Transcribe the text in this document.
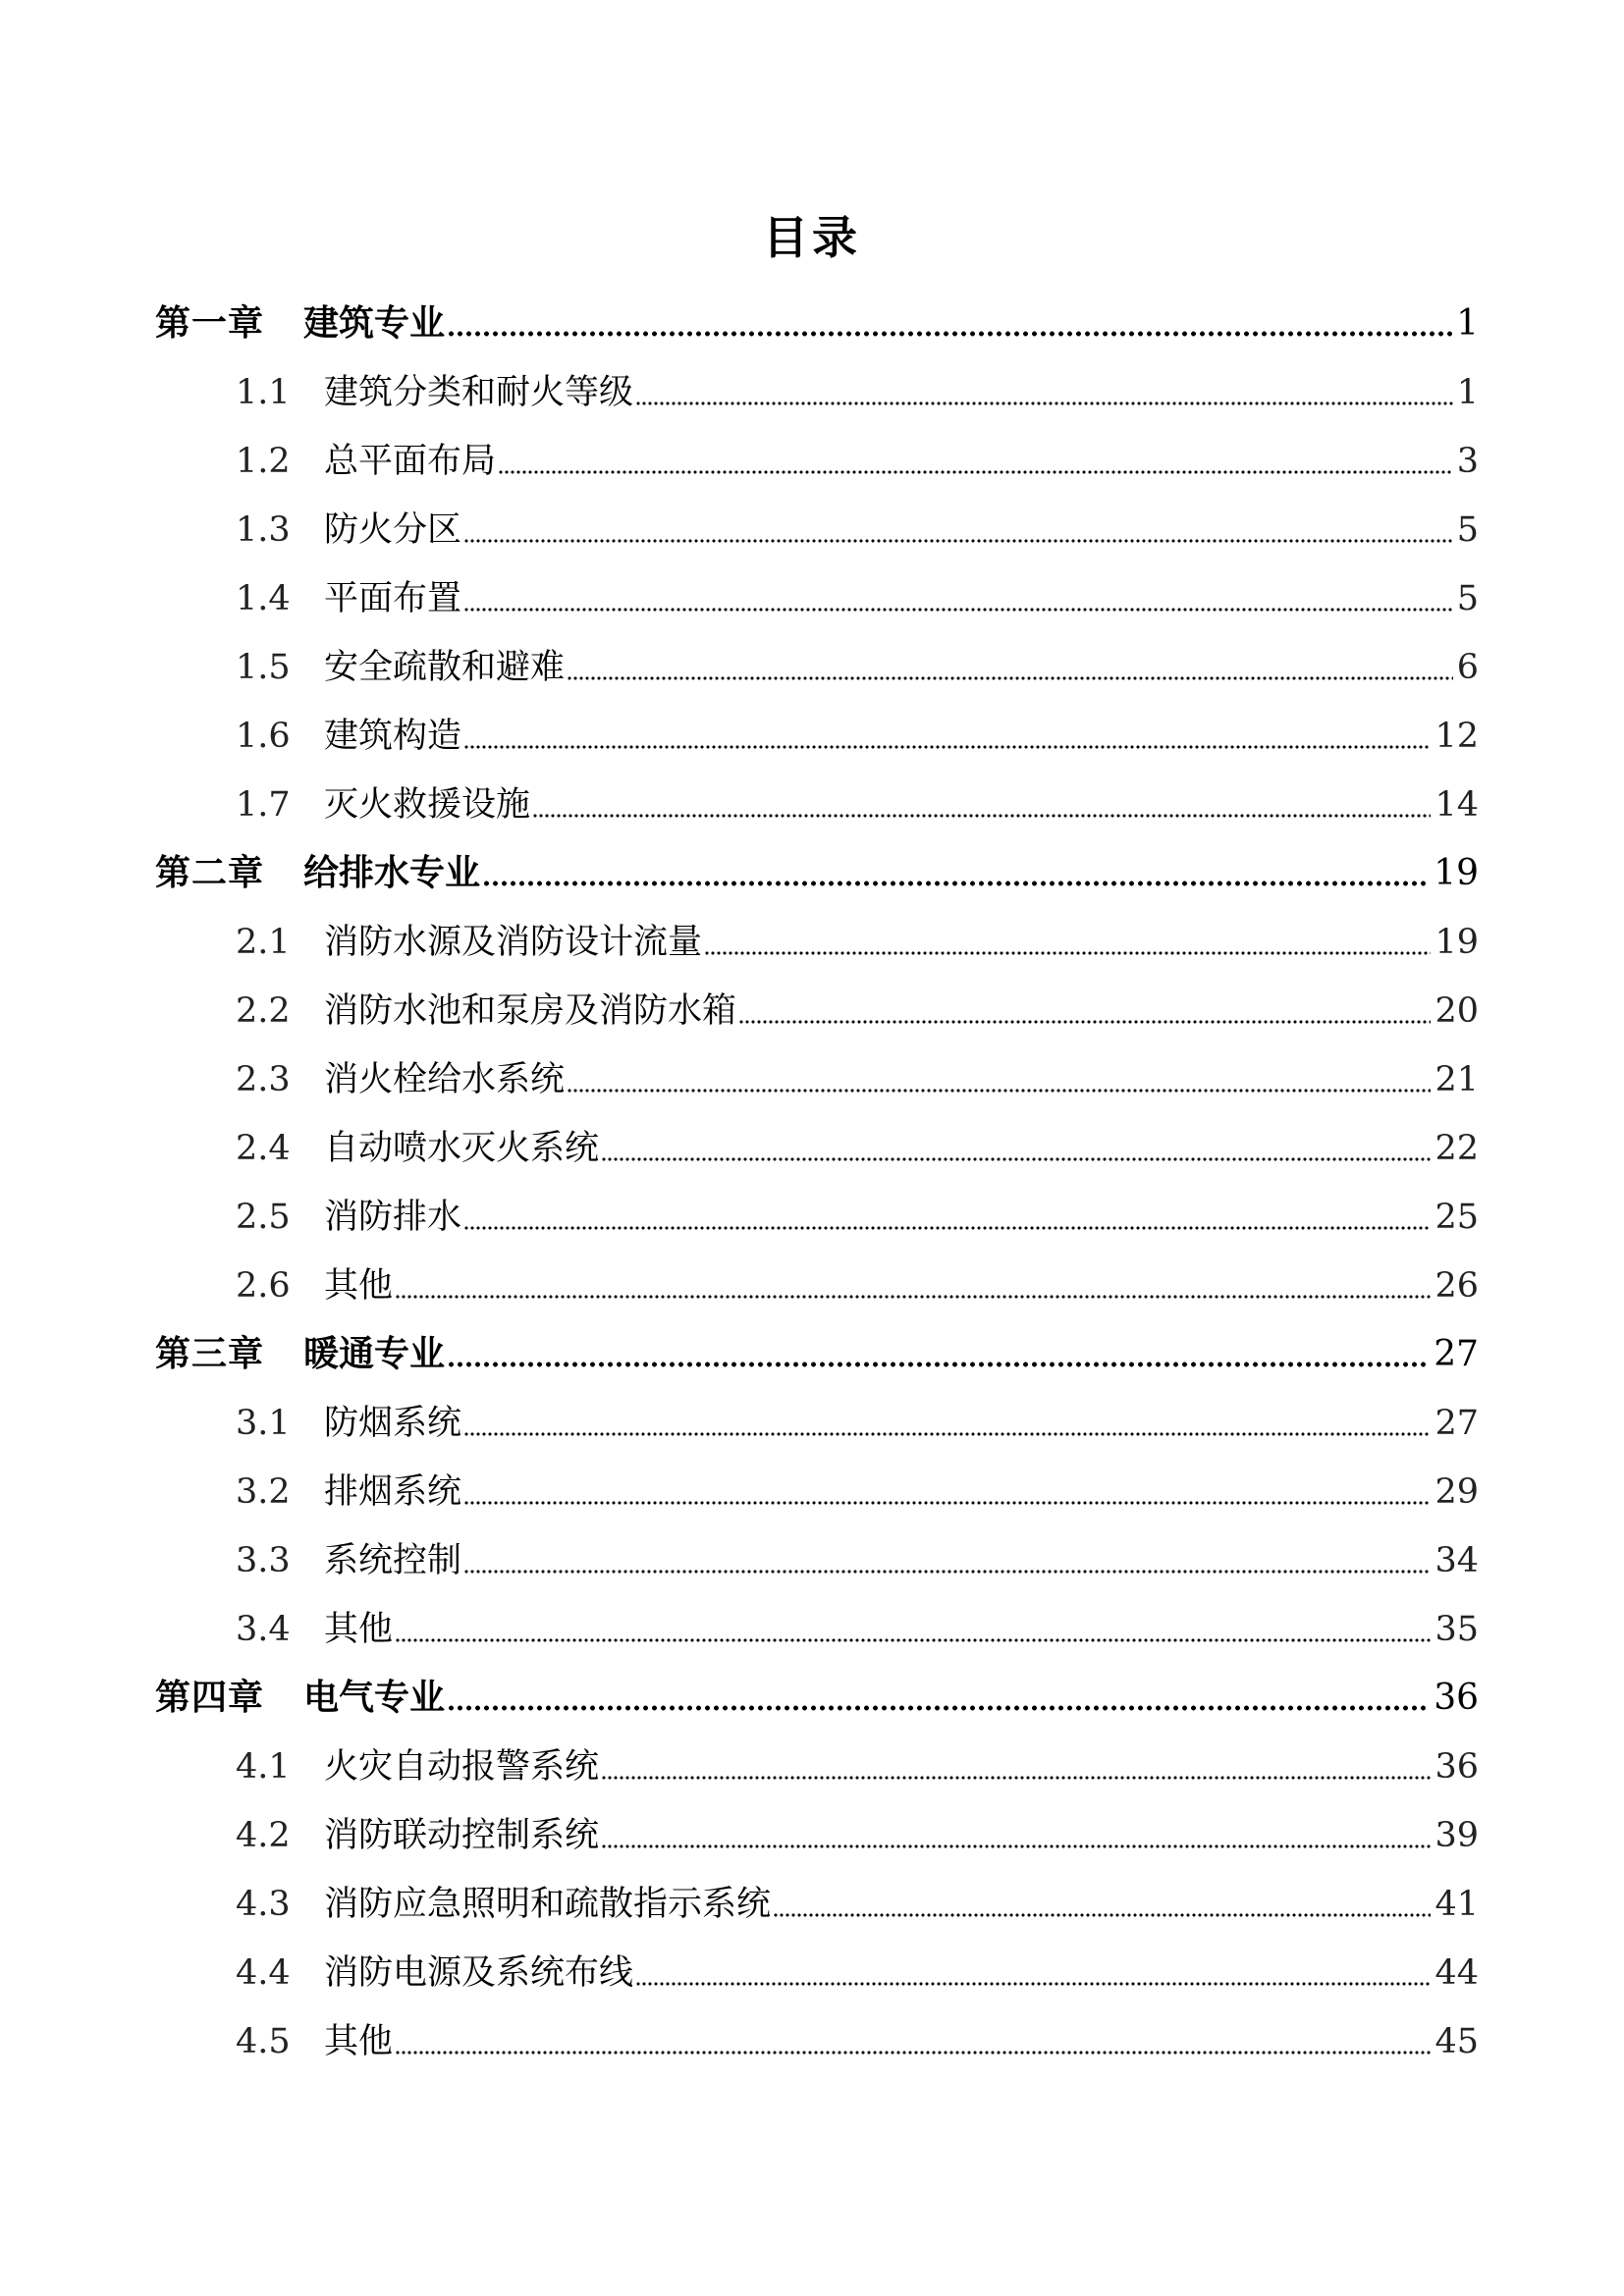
目录
第一章 建筑专业	1
1.1 建筑分类和耐火等级	1
1.2 总平面布局	3
1.3 防火分区	5
1.4 平面布置	5
1.5 安全疏散和避难	6
1.6 建筑构造	12
1.7 灭火救援设施	14
第二章 给排水专业	19
2.1 消防水源及消防设计流量	19
2.2 消防水池和泵房及消防水箱	20
2.3 消火栓给水系统	21
2.4 自动喷水灭火系统	22
2.5 消防排水	25
2.6 其他	26
第三章 暖通专业	27
3.1 防烟系统	27
3.2 排烟系统	29
3.3 系统控制	34
3.4 其他	35
第四章 电气专业	36
4.1 火灾自动报警系统	36
4.2 消防联动控制系统	39
4.3 消防应急照明和疏散指示系统	41
4.4 消防电源及系统布线	44
4.5 其他	45
